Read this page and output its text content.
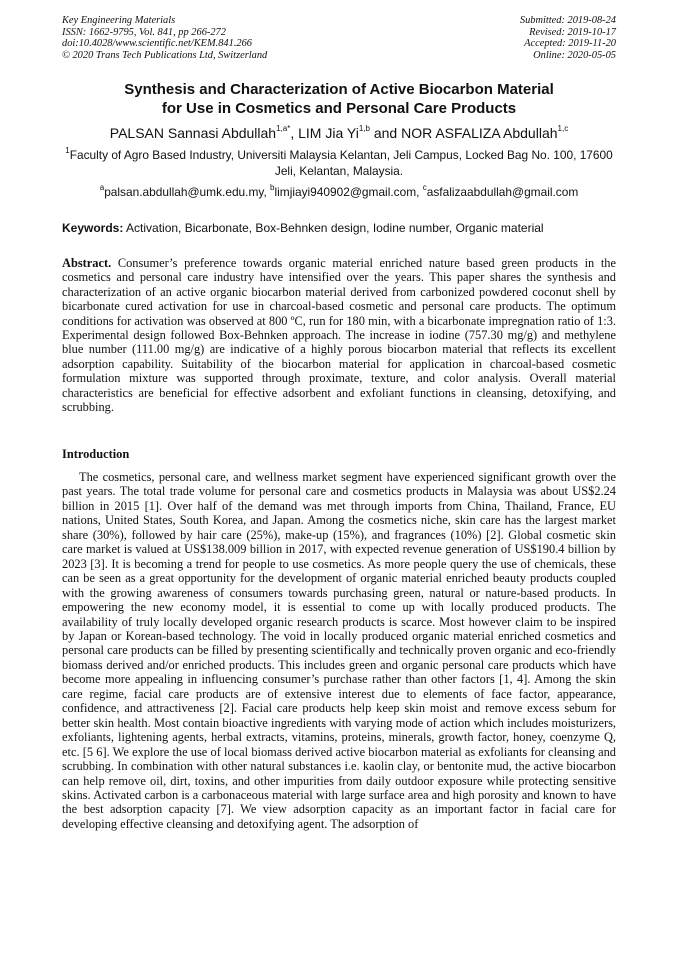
Key Engineering Materials
ISSN: 1662-9795, Vol. 841, pp 266-272
doi:10.4028/www.scientific.net/KEM.841.266
© 2020 Trans Tech Publications Ltd, Switzerland
Submitted: 2019-08-24
Revised: 2019-10-17
Accepted: 2019-11-20
Online: 2020-05-05
Synthesis and Characterization of Active Biocarbon Material
for Use in Cosmetics and Personal Care Products
PALSAN Sannasi Abdullah$^{1,a*}$, LIM Jia Yi$^{1,b}$ and NOR ASFALIZA Abdullah$^{1,c}$
$^1$Faculty of Agro Based Industry, Universiti Malaysia Kelantan, Jeli Campus, Locked Bag No. 100, 17600 Jeli, Kelantan, Malaysia.
$^a$palsan.abdullah@umk.edu.my, $^b$limjiayi940902@gmail.com, $^c$asfalizaabdullah@gmail.com
Keywords: Activation, Bicarbonate, Box-Behnken design, Iodine number, Organic material
Abstract. Consumer’s preference towards organic material enriched nature based green products in the cosmetics and personal care industry have intensified over the years. This paper shares the synthesis and characterization of an active organic biocarbon material derived from carbonized powdered coconut shell by bicarbonate cured activation for use in charcoal-based cosmetic and personal care products. The optimum conditions for activation was observed at 800 ºC, run for 180 min, with a bicarbonate impregnation ratio of 1:3. Experimental design followed Box-Behnken approach. The increase in iodine (757.30 mg/g) and methylene blue number (111.00 mg/g) are indicative of a highly porous biocarbon material that reflects its excellent adsorption capability. Suitability of the biocarbon material for application in charcoal-based cosmetic formulation mixture was supported through proximate, texture, and color analysis. Overall material characteristics are beneficial for effective adsorbent and exfoliant functions in cleansing, detoxifying, and scrubbing.
Introduction
The cosmetics, personal care, and wellness market segment have experienced significant growth over the past years. The total trade volume for personal care and cosmetics products in Malaysia was about US$2.24 billion in 2015 [1]. Over half of the demand was met through imports from China, Thailand, France, EU nations, United States, South Korea, and Japan. Among the cosmetics niche, skin care has the largest market share (30%), followed by hair care (25%), make-up (15%), and fragrances (10%) [2]. Global cosmetic skin care market is valued at US$138.009 billion in 2017, with expected revenue generation of US$190.4 billion by 2023 [3]. It is becoming a trend for people to use cosmetics. As more people query the use of chemicals, these can be seen as a great opportunity for the development of organic material enriched beauty products coupled with the growing awareness of consumers towards purchasing green, natural or nature-based products. In empowering the new economy model, it is essential to come up with locally produced products. The availability of truly locally developed organic research products is scarce. Most however claim to be inspired by Japan or Korean-based technology. The void in locally produced organic material enriched cosmetics and personal care products can be filled by presenting scientifically and technically proven organic and eco-friendly biomass derived and/or enriched products. This includes green and organic personal care products which have become more appealing in influencing consumer’s purchase rather than other factors [1, 4]. Among the skin care regime, facial care products are of extensive interest due to elements of face factor, appearance, confidence, and attractiveness [2]. Facial care products help keep skin moist and remove excess sebum for better skin health. Most contain bioactive ingredients with varying mode of action which includes moisturizers, exfoliants, lightening agents, herbal extracts, vitamins, proteins, minerals, growth factor, honey, coenzyme Q, etc. [5 6]. We explore the use of local biomass derived active biocarbon material as exfoliants for cleansing and scrubbing. In combination with other natural substances i.e. kaolin clay, or bentonite mud, the active biocarbon can help remove oil, dirt, toxins, and other impurities from daily outdoor exposure while protecting sensitive skins. Activated carbon is a carbonaceous material with large surface area and high porosity and known to have the best adsorption capacity [7]. We view adsorption capacity as an important factor in facial care for developing effective cleansing and detoxifying agent. The adsorption of
